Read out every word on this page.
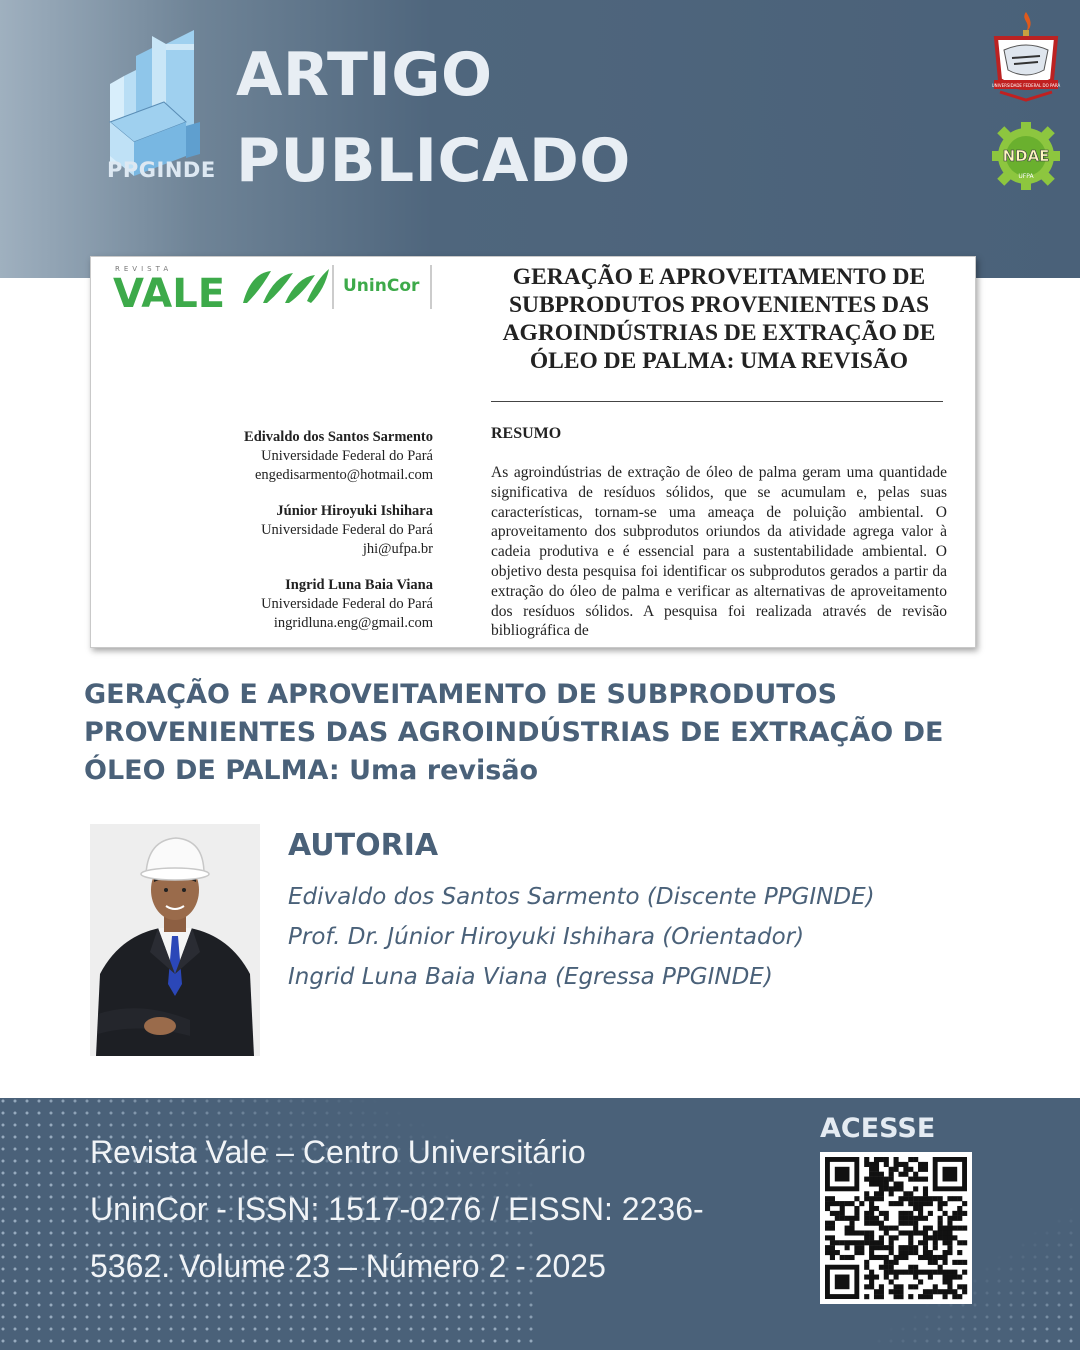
PPGINDE
ARTIGO
PUBLICADO
UNIVERSIDADE FEDERAL DO PARÁ
NDAE
UFPA
REVISTA
VALE	UninCor	GERAÇÃO E APROVEITAMENTO DE
SUBPRODUTOS PROVENIENTES DAS
AGROINDÚSTRIAS DE EXTRAÇÃO DE
ÓLEO DE PALMA: UMA REVISÃO
Edivaldo dos Santos Sarmento
Universidade Federal do Pará
engedisarmento@hotmail.com
Júnior Hiroyuki Ishihara
Universidade Federal do Pará
jhi@ufpa.br
Ingrid Luna Baia Viana
Universidade Federal do Pará
ingridluna.eng@gmail.com
RESUMO
As agroindústrias de extração de óleo de palma geram uma quantidade significativa de resíduos sólidos, que se acumulam e, pelas suas características, tornam-se uma ameaça de poluição ambiental. O aproveitamento dos subprodutos oriundos da atividade agrega valor à cadeia produtiva e é essencial para a sustentabilidade ambiental. O objetivo desta pesquisa foi identificar os subprodutos gerados a partir da extração do óleo de palma e verificar as alternativas de aproveitamento dos resíduos sólidos. A pesquisa foi realizada através de revisão bibliográfica de
GERAÇÃO E APROVEITAMENTO DE SUBPRODUTOS
PROVENIENTES DAS AGROINDÚSTRIAS DE EXTRAÇÃO DE
ÓLEO DE PALMA: Uma revisão
AUTORIA
Edivaldo dos Santos Sarmento (Discente PPGINDE)
Prof. Dr. Júnior Hiroyuki Ishihara (Orientador)
Ingrid Luna Baia Viana (Egressa PPGINDE)
Revista Vale – Centro Universitário
UninCor - ISSN: 1517-0276 / EISSN: 2236-
5362. Volume 23 – Número 2 - 2025
ACESSE
